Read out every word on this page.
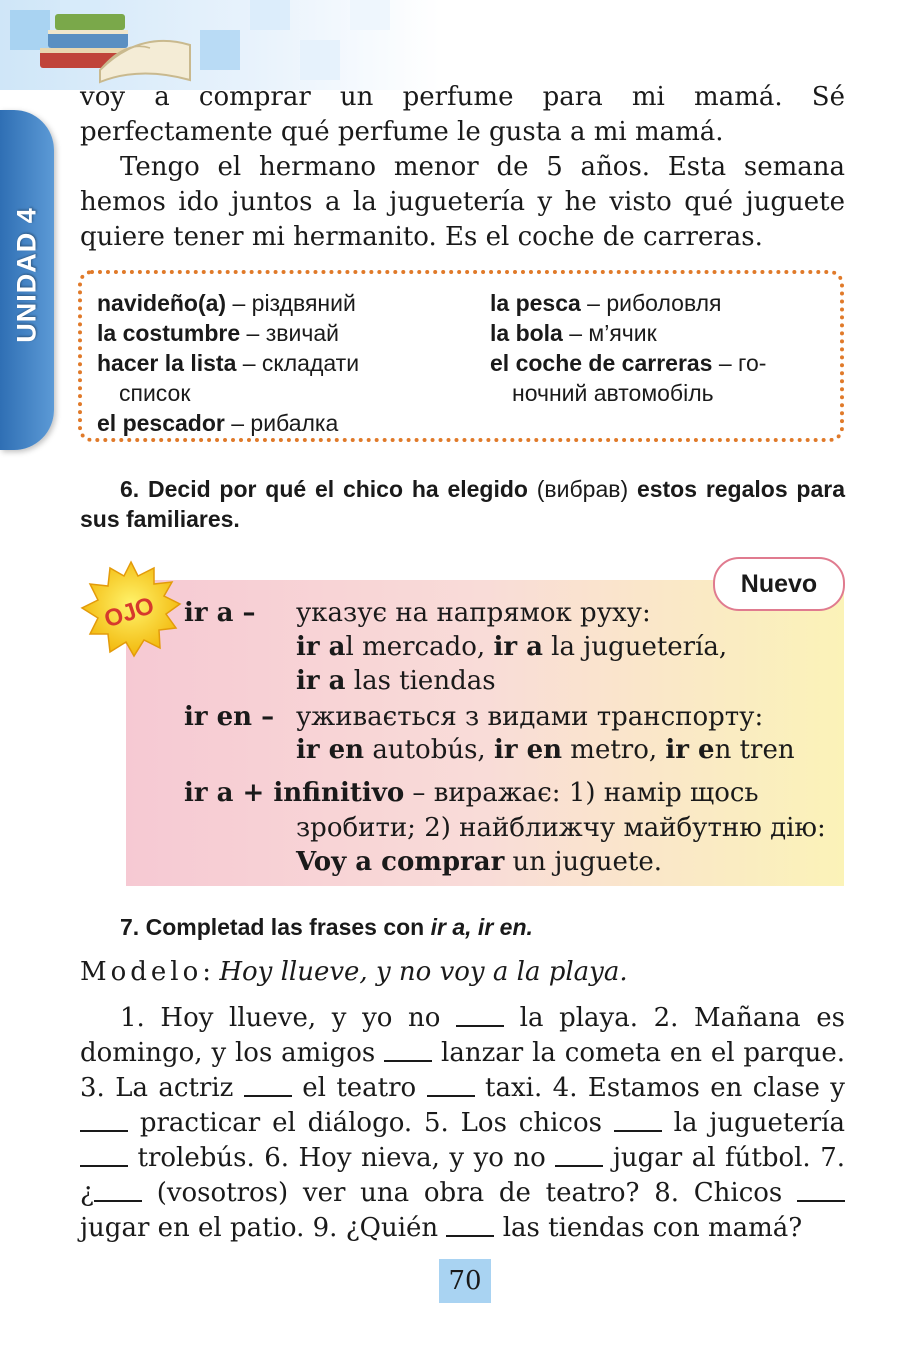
UNIDAD 4

voy a comprar un perfume para mi mamá. Sé perfectamente qué perfume le gusta a mi mamá.

Tengo el hermano menor de 5 años. Esta semana hemos ido juntos a la juguetería y he visto qué juguete quiere tener mi hermanito. Es el coche de carreras.

navideño(a) – різдвяний

la costumbre – звичай

hacer la lista – складати
список

el pescador – рибалка

la pesca – риболовля

la bola – м’ячик

el coche de carreras – го-
ночний автомобіль

6. Decid por qué el chico ha elegido (вибрав) estos regalos para sus familiares.

Nuevo
OJO ir a – указує на напрямок руху:
ir al mercado, ir a la juguetería,
ir a las tiendas
ir en – уживається з видами транспорту:
ir en autobús, ir en metro, ir en tren
ir a + infinitivo – виражає: 1) намір щось
зробити; 2) найближчу майбутню дію:
Voy a comprar un juguete.

7. Completad las frases con ir a, ir en.

Modelo: Hoy llueve, y no voy a la playa.

1. Hoy llueve, y yo no  la playa. 2. Mañana es domingo, y los amigos  lanzar la cometa en el parque. 3. La actriz  el teatro  taxi. 4. Estamos en clase y  practicar el diálogo. 5. Los chicos  la juguetería  trolebús. 6. Hoy nieva, y yo no  jugar al fútbol. 7. ¿ (vosotros) ver una obra de teatro? 8. Chicos  jugar en el patio. 9. ¿Quién  las tiendas con mamá?

70
